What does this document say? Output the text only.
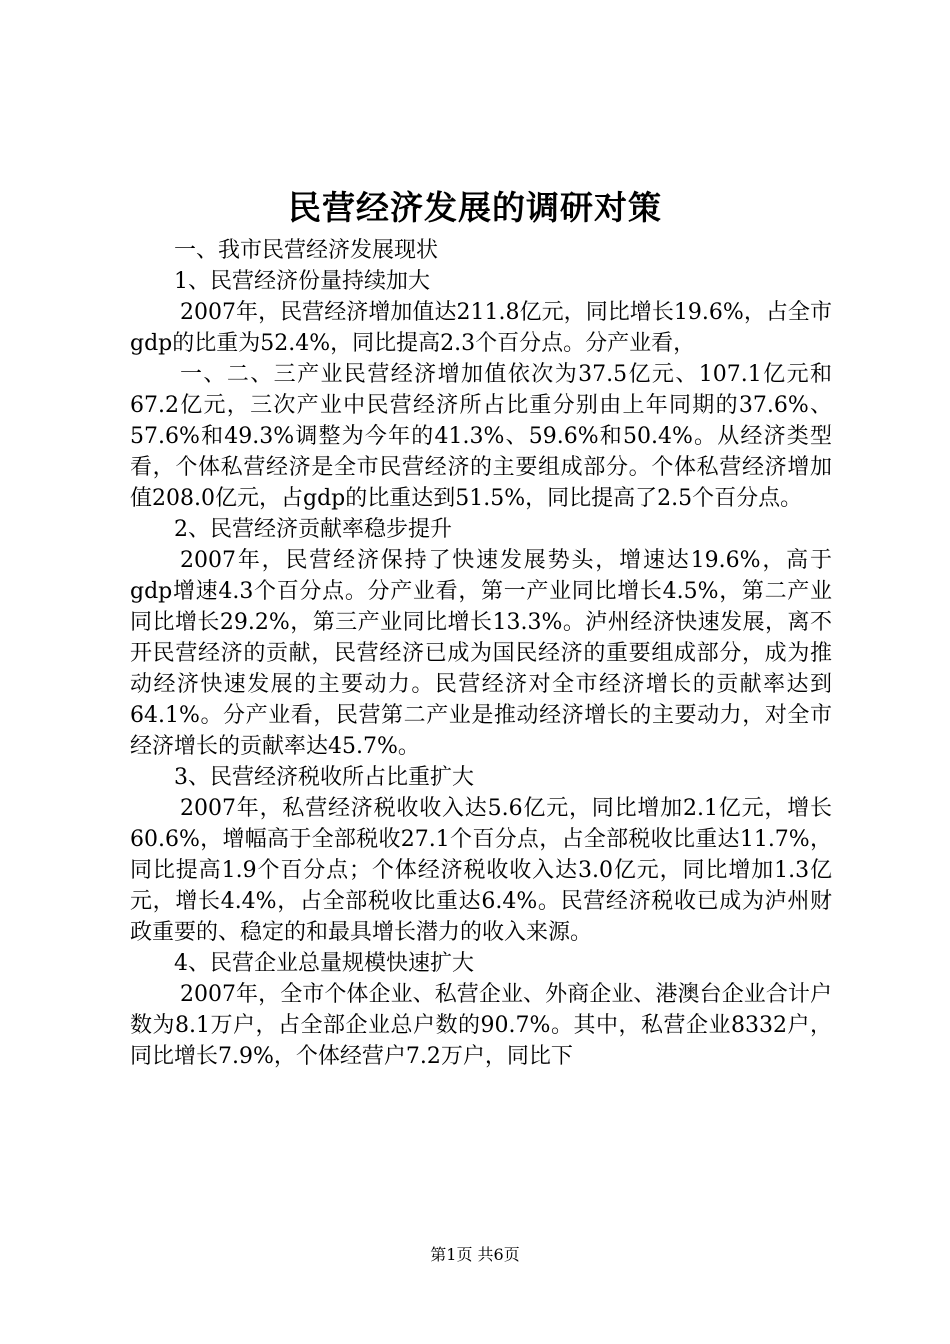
民营经济发展的调研对策
一、我市民营经济发展现状
1、民营经济份量持续加大
2007年，民营经济增加值达211.8亿元，同比增长19.6%，占全市gdp的比重为52.4%，同比提高2.3个百分点。分产业看，
一、二、三产业民营经济增加值依次为37.5亿元、107.1亿元和67.2亿元，三次产业中民营经济所占比重分别由上年同期的37.6%、57.6%和49.3%调整为今年的41.3%、59.6%和50.4%。从经济类型看，个体私营经济是全市民营经济的主要组成部分。个体私营经济增加值208.0亿元，占gdp的比重达到51.5%，同比提高了2.5个百分点。
2、民营经济贡献率稳步提升
2007年，民营经济保持了快速发展势头，增速达19.6%，高于gdp增速4.3个百分点。分产业看，第一产业同比增长4.5%，第二产业同比增长29.2%，第三产业同比增长13.3%。泸州经济快速发展，离不开民营经济的贡献，民营经济已成为国民经济的重要组成部分，成为推动经济快速发展的主要动力。民营经济对全市经济增长的贡献率达到64.1%。分产业看，民营第二产业是推动经济增长的主要动力，对全市经济增长的贡献率达45.7%。
3、民营经济税收所占比重扩大
2007年，私营经济税收收入达5.6亿元，同比增加2.1亿元，增长60.6%，增幅高于全部税收27.1个百分点，占全部税收比重达11.7%，同比提高1.9个百分点；个体经济税收收入达3.0亿元，同比增加1.3亿元，增长4.4%，占全部税收比重达6.4%。民营经济税收已成为泸州财政重要的、稳定的和最具增长潜力的收入来源。
4、民营企业总量规模快速扩大
2007年，全市个体企业、私营企业、外商企业、港澳台企业合计户数为8.1万户，占全部企业总户数的90.7%。其中，私营企业8332户，同比增长7.9%，个体经营户7.2万户，同比下
第1页 共6页
